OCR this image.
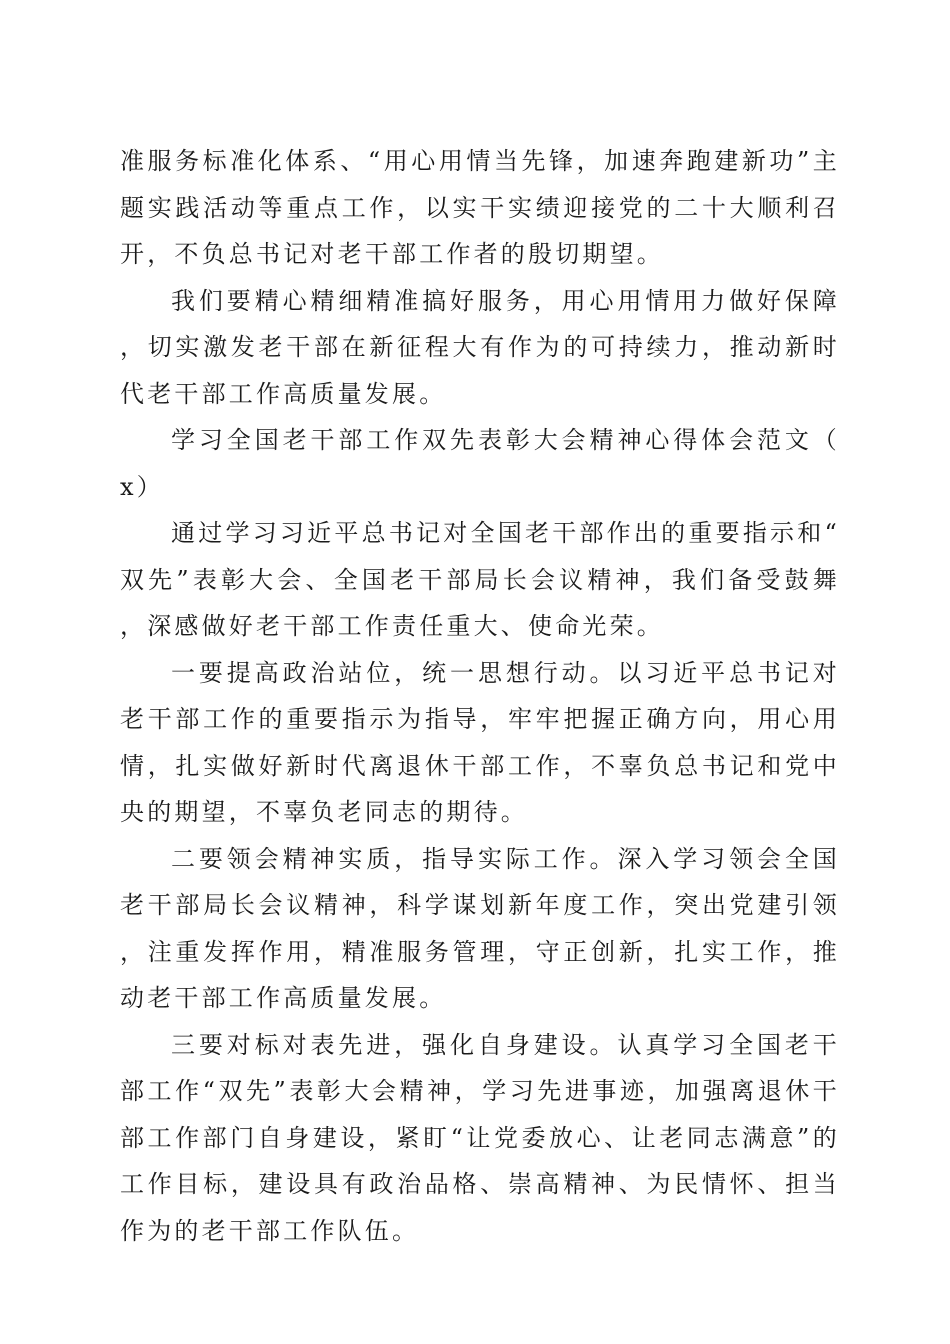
准服务标准化体系、“用心用情当先锋，加速奔跑建新功”主题实践活动等重点工作，以实干实绩迎接党的二十大顺利召开，不负总书记对老干部工作者的殷切期望。

我们要精心精细精准搞好服务，用心用情用力做好保障，切实激发老干部在新征程大有作为的可持续力，推动新时代老干部工作高质量发展。

学习全国老干部工作双先表彰大会精神心得体会范文（x）

通过学习习近平总书记对全国老干部作出的重要指示和“双先”表彰大会、全国老干部局长会议精神，我们备受鼓舞，深感做好老干部工作责任重大、使命光荣。

一要提高政治站位，统一思想行动。以习近平总书记对老干部工作的重要指示为指导，牢牢把握正确方向，用心用情，扎实做好新时代离退休干部工作，不辜负总书记和党中央的期望，不辜负老同志的期待。

二要领会精神实质，指导实际工作。深入学习领会全国老干部局长会议精神，科学谋划新年度工作，突出党建引领，注重发挥作用，精准服务管理，守正创新，扎实工作，推动老干部工作高质量发展。

三要对标对表先进，强化自身建设。认真学习全国老干部工作“双先”表彰大会精神，学习先进事迹，加强离退休干部工作部门自身建设，紧盯“让党委放心、让老同志满意”的工作目标，建设具有政治品格、崇高精神、为民情怀、担当作为的老干部工作队伍。
